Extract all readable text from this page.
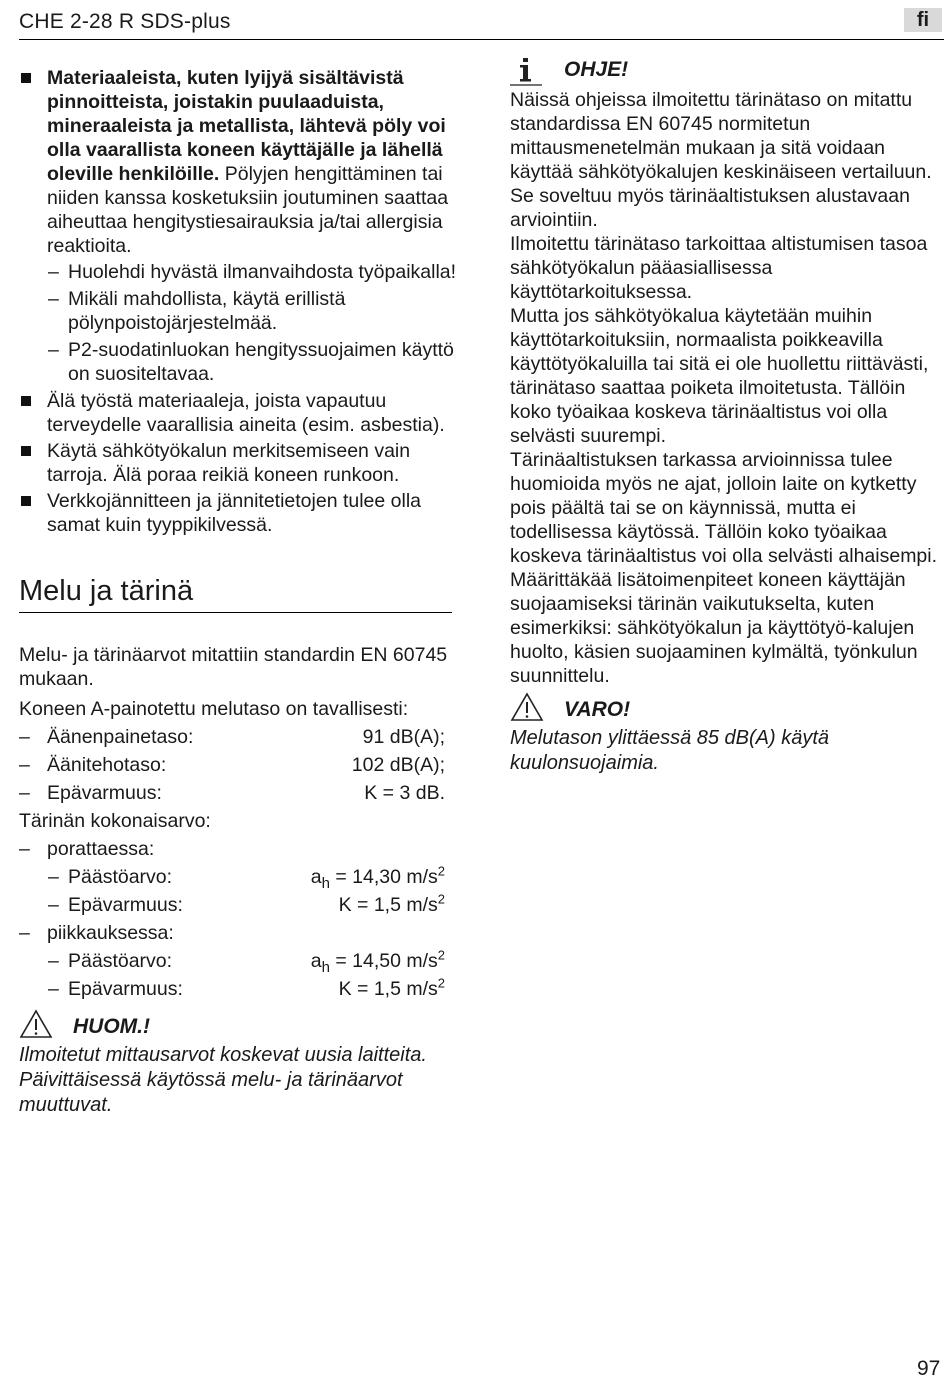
CHE 2-28 R SDS-plus	fi
Materiaaleista, kuten lyijyä sisältävistä pinnoitteista, joistakin puulaaduista, mineraaleista ja metallista, lähtevä pöly voi olla vaarallista koneen käyttäjälle ja lähellä oleville henkilöille. Pölyjen hengittäminen tai niiden kanssa kosketuksiin joutuminen saattaa aiheuttaa hengitystiesairauksia ja/tai allergisia reaktioita.
– Huolehdi hyvästä ilmanvaihdosta työpaikalla!
– Mikäli mahdollista, käytä erillistä pölynpoistojärjestelmää.
– P2-suodatinluokan hengityssuojaimen käyttö on suositeltavaa.
Älä työstä materiaaleja, joista vapautuu terveydelle vaarallisia aineita (esim. asbestia).
Käytä sähkötyökalun merkitsemiseen vain tarroja. Älä poraa reikiä koneen runkoon.
Verkkojännitteen ja jännitetietojen tulee olla samat kuin tyyppikilvessä.
Melu ja tärinä

Melu- ja tärinäarvot mitattiin standardin EN 60745 mukaan.

Koneen A-painotettu melutaso on tavallisesti:

– Äänenpainetaso:	91 dB(A);
– Äänitehotaso:	102 dB(A);
– Epävarmuus:	K = 3 dB.

Tärinän kokonaisarvo:

– porattaessa:
– Päästöarvo:	$a_h = 14,30$ $m/s^2$
– Epävarmuus:	K = 1,5 $m/s^2$
– piikkauksessa:
– Päästöarvo:	$a_h = 14,50$ $m/s^2$
– Epävarmuus:	K = 1,5 $m/s^2$
HUOM.!

Ilmoitetut mittausarvot koskevat uusia laitteita. Päivittäisessä käytössä melu- ja tärinäarvot muuttuvat.

OHJE!

Näissä ohjeissa ilmoitettu tärinätaso on mitattu standardissa EN 60745 normitetun mittausmenetelmän mukaan ja sitä voidaan käyttää sähkötyökalujen keskinäiseen vertailuun. Se soveltuu myös tärinäaltistuksen alustavaan arviointiin.

Ilmoitettu tärinätaso tarkoittaa altistumisen tasoa sähkötyökalun pääasiallisessa käyttötarkoituksessa.

Mutta jos sähkötyökalua käytetään muihin käyttötarkoituksiin, normaalista poikkeavilla käyttötyökaluilla tai sitä ei ole huollettu riittävästi, tärinätaso saattaa poiketa ilmoitetusta. Tällöin koko työaikaa koskeva tärinäaltistus voi olla selvästi suurempi.

Tärinäaltistuksen tarkassa arvioinnissa tulee huomioida myös ne ajat, jolloin laite on kytketty pois päältä tai se on käynnissä, mutta ei todellisessa käytössä. Tällöin koko työaikaa koskeva tärinäaltistus voi olla selvästi alhaisempi.

Määrittäkää lisätoimenpiteet koneen käyttäjän suojaamiseksi tärinän vaikutukselta, kuten esimerkiksi: sähkötyökalun ja käyttötyö-kalujen huolto, käsien suojaaminen kylmältä, työnkulun suunnittelu.

VARO!

Melutason ylittäessä 85 dB(A) käytä kuulonsuojaimia.

97
